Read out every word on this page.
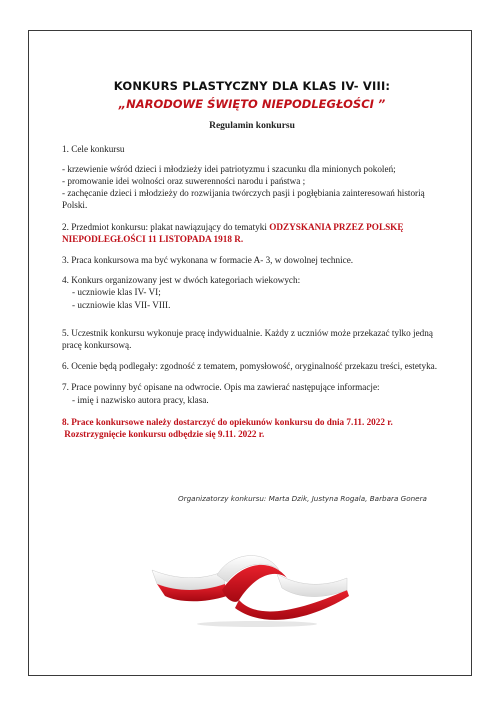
KONKURS PLASTYCZNY DLA KLAS IV- VIII:

„NARODOWE ŚWIĘTO NIEPODLEGŁOŚCI ”

Regulamin konkursu

1. Cele konkursu

- krzewienie wśród dzieci i młodzieży idei patriotyzmu i szacunku dla minionych pokoleń;
- promowanie idei wolności oraz suwerenności narodu i państwa ;
- zachęcanie dzieci i młodzieży do rozwijania twórczych pasji i pogłębiania zainteresowań historią Polski.

2. Przedmiot konkursu: plakat nawiązujący do tematyki ODZYSKANIA PRZEZ POLSKĘ NIEPODLEGŁOŚCI 11 LISTOPADA 1918 R.

3. Praca konkursowa ma być wykonana w formacie A- 3, w dowolnej technice.

4. Konkurs organizowany jest w dwóch kategoriach wiekowych:
- uczniowie klas IV- VI;
- uczniowie klas VII- VIII.

5. Uczestnik konkursu wykonuje pracę indywidualnie. Każdy z uczniów może przekazać tylko jedną pracę konkursową.

6. Ocenie będą podlegały: zgodność z tematem, pomysłowość, oryginalność przekazu treści, estetyka.

7. Prace powinny być opisane na odwrocie. Opis ma zawierać następujące informacje:
- imię i nazwisko autora pracy, klasa.
8. Prace konkursowe należy dostarczyć do opiekunów konkursu do dnia 7.11. 2022 r.
Rozstrzygnięcie konkursu odbędzie się 9.11. 2022 r.
Organizatorzy konkursu: Marta Dzik, Justyna Rogala, Barbara Gonera
